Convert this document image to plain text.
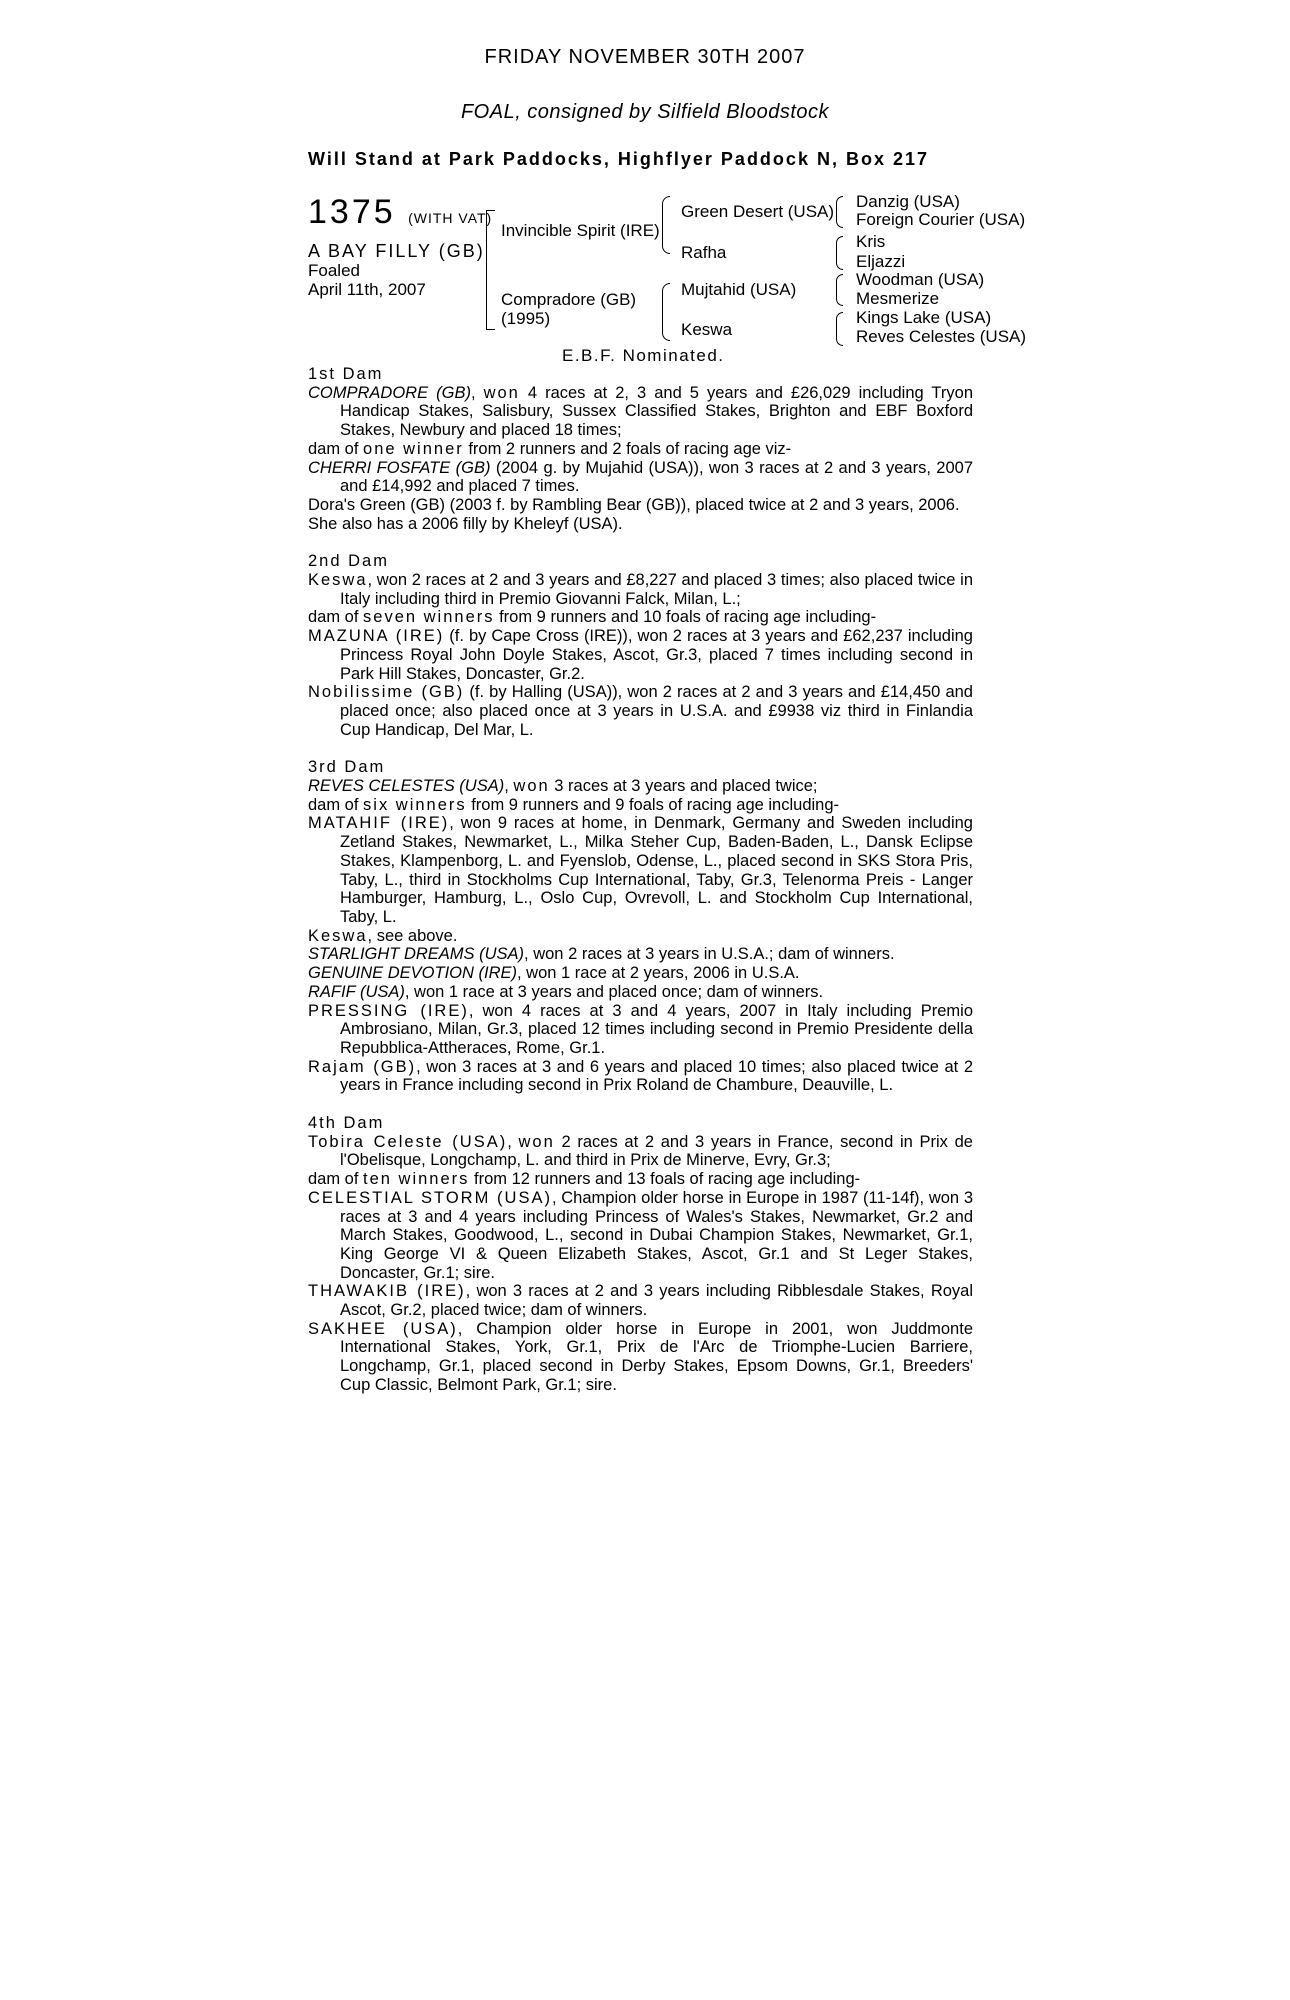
FRIDAY NOVEMBER 30TH 2007
FOAL, consigned by Silfield Bloodstock
Will Stand at Park Paddocks, Highflyer Paddock N, Box 217
1375 (WITH VAT)
A BAY FILLY (GB)
Foaled
April 11th, 2007
Invincible Spirit (IRE)
Compradore (GB)
(1995)
Green Desert (USA)
Rafha
Mujtahid (USA)
Keswa
Danzig (USA)
Foreign Courier (USA)
Kris
Eljazzi
Woodman (USA)
Mesmerize
Kings Lake (USA)
Reves Celestes (USA)
E.B.F. Nominated.

1st Dam

COMPRADORE (GB), won 4 races at 2, 3 and 5 years and £26,029 including Tryon Handicap Stakes, Salisbury, Sussex Classified Stakes, Brighton and EBF Boxford Stakes, Newbury and placed 18 times;

dam of one winner from 2 runners and 2 foals of racing age viz-

CHERRI FOSFATE (GB) (2004 g. by Mujahid (USA)), won 3 races at 2 and 3 years, 2007 and £14,992 and placed 7 times.

Dora's Green (GB) (2003 f. by Rambling Bear (GB)), placed twice at 2 and 3 years, 2006.

She also has a 2006 filly by Kheleyf (USA).

2nd Dam

Keswa, won 2 races at 2 and 3 years and £8,227 and placed 3 times; also placed twice in Italy including third in Premio Giovanni Falck, Milan, L.;

dam of seven winners from 9 runners and 10 foals of racing age including-

MAZUNA (IRE) (f. by Cape Cross (IRE)), won 2 races at 3 years and £62,237 including Princess Royal John Doyle Stakes, Ascot, Gr.3, placed 7 times including second in Park Hill Stakes, Doncaster, Gr.2.

Nobilissime (GB) (f. by Halling (USA)), won 2 races at 2 and 3 years and £14,450 and placed once; also placed once at 3 years in U.S.A. and £9938 viz third in Finlandia Cup Handicap, Del Mar, L.

3rd Dam

REVES CELESTES (USA), won 3 races at 3 years and placed twice;

dam of six winners from 9 runners and 9 foals of racing age including-

MATAHIF (IRE), won 9 races at home, in Denmark, Germany and Sweden including Zetland Stakes, Newmarket, L., Milka Steher Cup, Baden-Baden, L., Dansk Eclipse Stakes, Klampenborg, L. and Fyenslob, Odense, L., placed second in SKS Stora Pris, Taby, L., third in Stockholms Cup International, Taby, Gr.3, Telenorma Preis - Langer Hamburger, Hamburg, L., Oslo Cup, Ovrevoll, L. and Stockholm Cup International, Taby, L.

Keswa, see above.

STARLIGHT DREAMS (USA), won 2 races at 3 years in U.S.A.; dam of winners.

GENUINE DEVOTION (IRE), won 1 race at 2 years, 2006 in U.S.A.

RAFIF (USA), won 1 race at 3 years and placed once; dam of winners.

PRESSING (IRE), won 4 races at 3 and 4 years, 2007 in Italy including Premio Ambrosiano, Milan, Gr.3, placed 12 times including second in Premio Presidente della Repubblica-Attheraces, Rome, Gr.1.

Rajam (GB), won 3 races at 3 and 6 years and placed 10 times; also placed twice at 2 years in France including second in Prix Roland de Chambure, Deauville, L.

4th Dam

Tobira Celeste (USA), won 2 races at 2 and 3 years in France, second in Prix de l'Obelisque, Longchamp, L. and third in Prix de Minerve, Evry, Gr.3;

dam of ten winners from 12 runners and 13 foals of racing age including-

CELESTIAL STORM (USA), Champion older horse in Europe in 1987 (11-14f), won 3 races at 3 and 4 years including Princess of Wales's Stakes, Newmarket, Gr.2 and March Stakes, Goodwood, L., second in Dubai Champion Stakes, Newmarket, Gr.1, King George VI & Queen Elizabeth Stakes, Ascot, Gr.1 and St Leger Stakes, Doncaster, Gr.1; sire.

THAWAKIB (IRE), won 3 races at 2 and 3 years including Ribblesdale Stakes, Royal Ascot, Gr.2, placed twice; dam of winners.

SAKHEE (USA), Champion older horse in Europe in 2001, won Juddmonte International Stakes, York, Gr.1, Prix de l'Arc de Triomphe-Lucien Barriere, Longchamp, Gr.1, placed second in Derby Stakes, Epsom Downs, Gr.1, Breeders' Cup Classic, Belmont Park, Gr.1; sire.
